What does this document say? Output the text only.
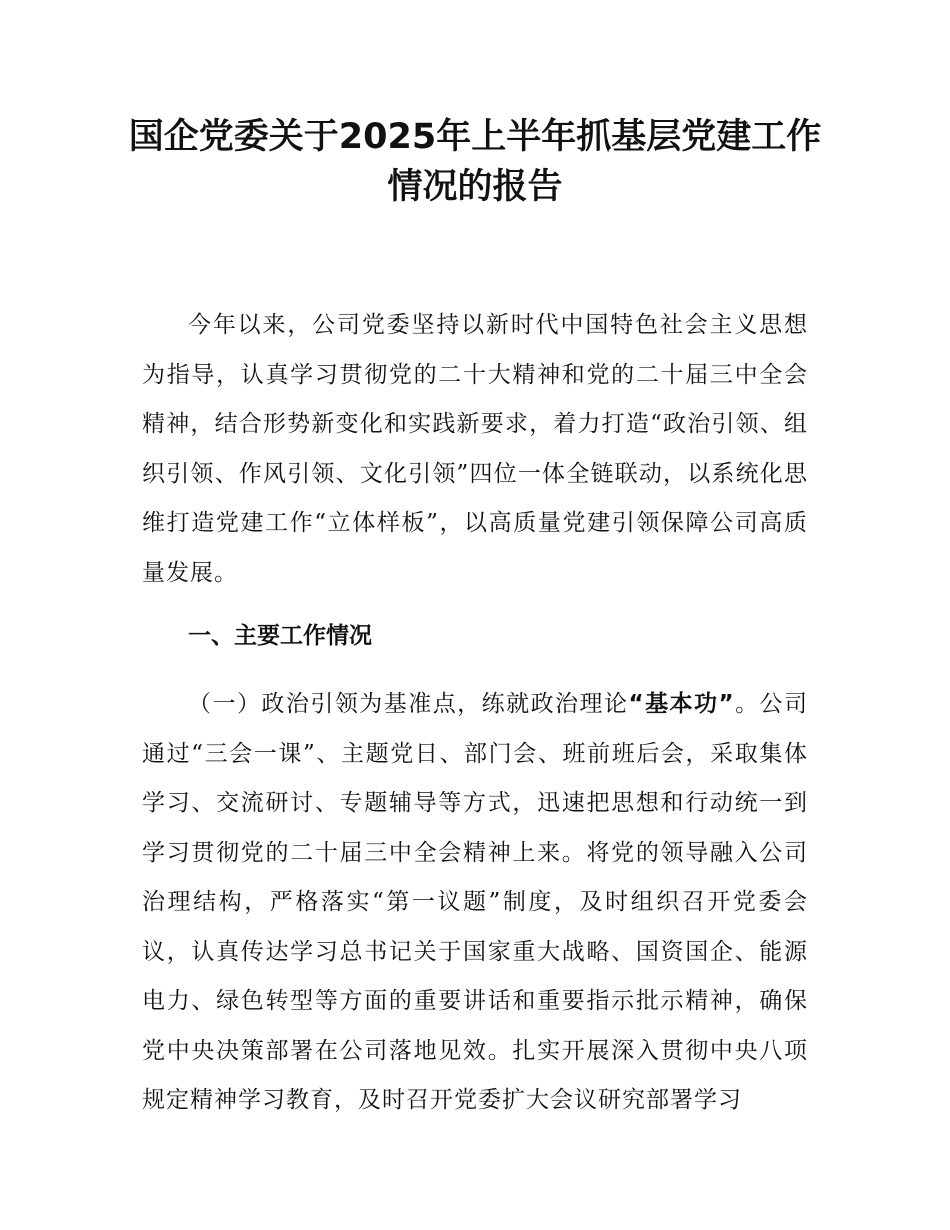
国企党委关于2025年上半年抓基层党建工作
情况的报告

今年以来，公司党委坚持以新时代中国特色社会主义思想为指导，认真学习贯彻党的二十大精神和党的二十届三中全会精神，结合形势新变化和实践新要求，着力打造“政治引领、组织引领、作风引领、文化引领”四位一体全链联动，以系统化思维打造党建工作“立体样板”，以高质量党建引领保障公司高质量发展。

一、主要工作情况

（一）政治引领为基准点，练就政治理论“基本功”。公司通过“三会一课”、主题党日、部门会、班前班后会，采取集体学习、交流研讨、专题辅导等方式，迅速把思想和行动统一到学习贯彻党的二十届三中全会精神上来。将党的领导融入公司治理结构，严格落实“第一议题”制度，及时组织召开党委会议，认真传达学习总书记关于国家重大战略、国资国企、能源电力、绿色转型等方面的重要讲话和重要指示批示精神，确保党中央决策部署在公司落地见效。扎实开展深入贯彻中央八项规定精神学习教育，及时召开党委扩大会议研究部署学习
